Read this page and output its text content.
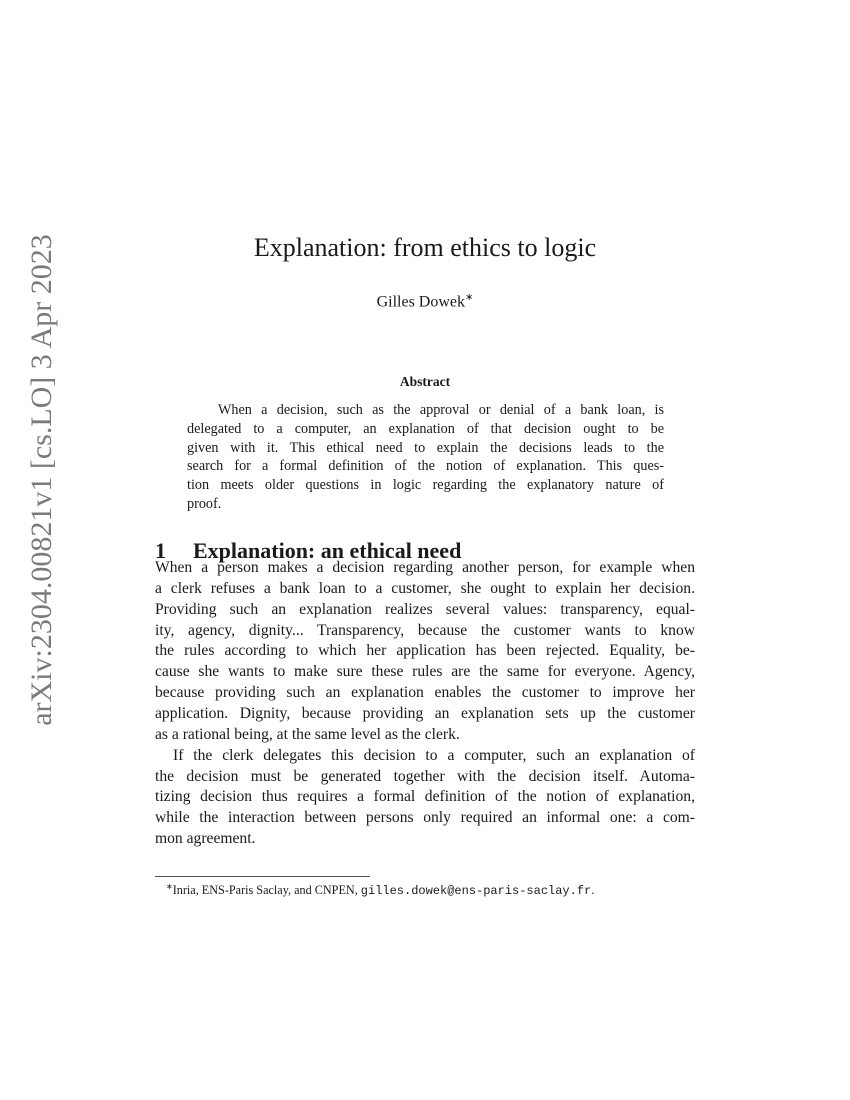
arXiv:2304.00821v1 [cs.LO] 3 Apr 2023	Explanation: from ethics to logic
Gilles Dowek∗
Abstract
When a decision, such as the approval or denial of a bank loan, is
delegated to a computer, an explanation of that decision ought to be
given with it. This ethical need to explain the decisions leads to the
search for a formal definition of the notion of explanation. This ques-
tion meets older questions in logic regarding the explanatory nature of
proof.
1 Explanation: an ethical need
When a person makes a decision regarding another person, for example when
a clerk refuses a bank loan to a customer, she ought to explain her decision.
Providing such an explanation realizes several values: transparency, equal-
ity, agency, dignity... Transparency, because the customer wants to know
the rules according to which her application has been rejected. Equality, be-
cause she wants to make sure these rules are the same for everyone. Agency,
because providing such an explanation enables the customer to improve her
application. Dignity, because providing an explanation sets up the customer
as a rational being, at the same level as the clerk.
If the clerk delegates this decision to a computer, such an explanation of
the decision must be generated together with the decision itself. Automa-
tizing decision thus requires a formal definition of the notion of explanation,
while the interaction between persons only required an informal one: a com-
mon agreement.
∗Inria, ENS-Paris Saclay, and CNPEN, gilles.dowek@ens-paris-saclay.fr.
